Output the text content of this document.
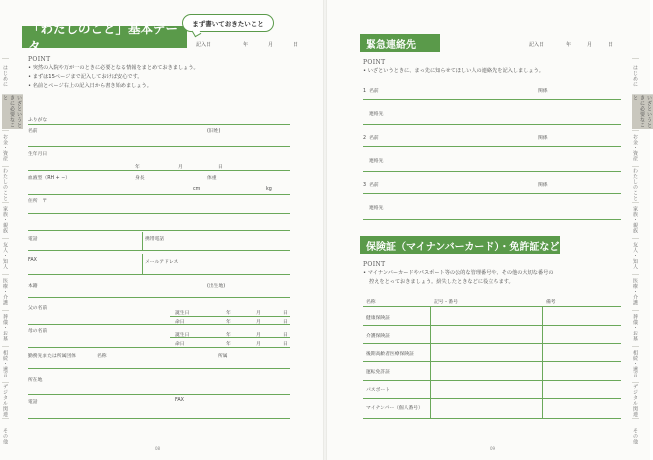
「わたしのこと」基本データ
まず書いておきたいこと
記入日	年	月	日
POINT
• 突然の入院や万が一のときに必要となる情報をまとめておきましょう。
• まずは15ページまで記入しておけば安心です。
• 名前とページ右上の記入日から書き始めましょう。
ふりがな
名前	(旧姓)
生年月日
年	月	日
血液型（RH + −）	身長	体重
cm	kg
住所　〒
電話	携帯電話
FAX	メールアドレス
本籍	(出生地)
父の名前
誕生日	年	月	日
命日	年	月	日
母の名前
誕生日	年	月	日
命日	年	月	日
勤務先または所属団体	名称	所属
所在地
電話	FAX
08
緊急連絡先	記入日	年	月	日
POINT
• いざというときに、まっ先に知らせてほしい人の連絡先を記入しましょう。
1 名前	関係
連絡先
2 名前	関係
連絡先
3 名前	関係
連絡先
保険証（マイナンバーカード）・免許証など
POINT
• マイナンバーカードやパスポート等の公的な管理番号や、その他の大切な番号の
控えをとっておきましょう。紛失したときなどに役立ちます。
名称	記号・番号	備考
健康保険証
介護保険証
後期高齢者医療保険証
運転免許証
パスポート
マイナンバー（個人番号）
09
はじめに
いざというときに必要なこと
お金・資産
わたしのこと
家族・親族
友人・知人
医療・介護
葬儀・お墓
相続・遺言
デジタル関連
その他
はじめに
いざというときに必要なこと
お金・資産
わたしのこと
家族・親族
友人・知人
医療・介護
葬儀・お墓
相続・遺言
デジタル関連
その他
